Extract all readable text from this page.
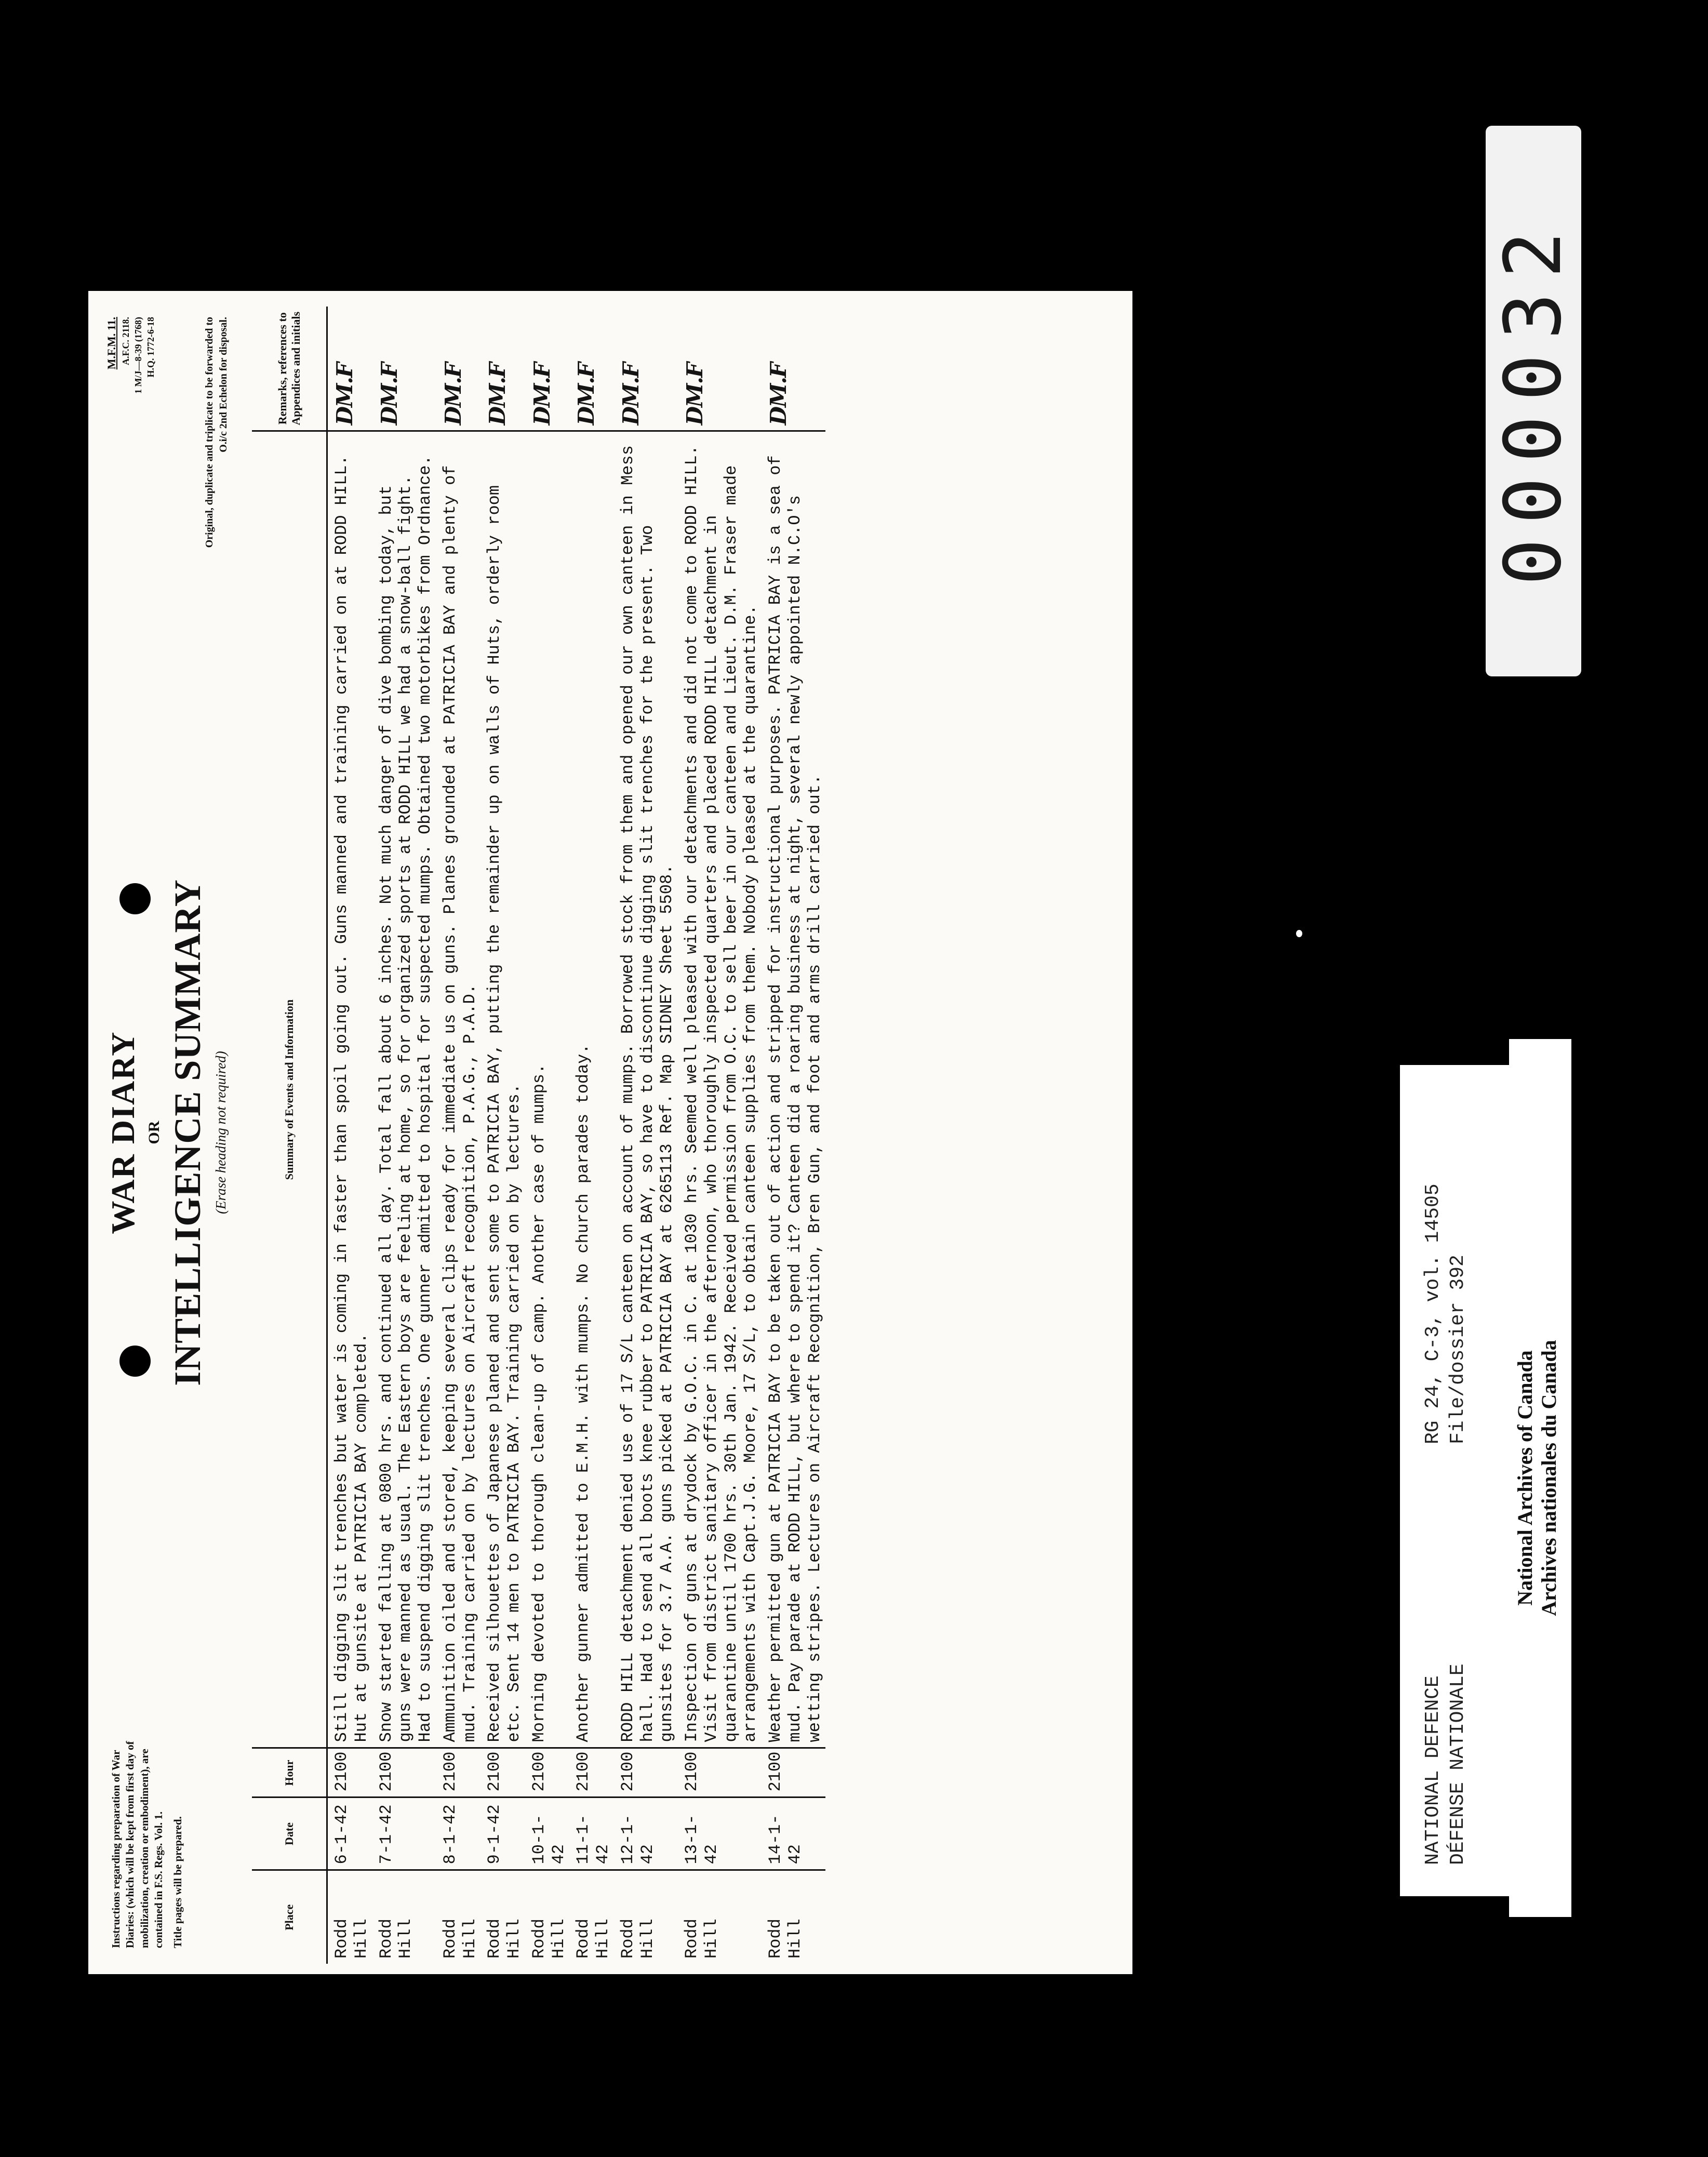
Instructions regarding preparation of War Diaries: (which will be kept from first day of mobilization, creation or embodiment), are contained in F.S. Regs. Vol. 1. Title pages will be prepared.

WAR DIARY OR INTELLIGENCE SUMMARY (Erase heading not required)
M.F.M. 11. A.F.C. 2118. 1 M/J—8-39 (1768) H.Q. 1772-6-18	Original, duplicate and triplicate to be forwarded to O.i/c 2nd Echelon for disposal.
Place	Date	Hour	Summary of Events and Information	Remarks, references to Appendices and initials
Rodd Hill	6-1-42	2100	Still digging slit trenches but water is coming in faster than spoil going out. Guns manned and training carried on at RODD HILL. Hut at gunsite at PATRICIA BAY completed.	DM.F
Rodd Hill	7-1-42	2100	Snow started falling at 0800 hrs. and continued all day. Total fall about 6 inches. Not much danger of dive bombing today, but guns were manned as usual. The Eastern boys are feeling at home, so for organized sports at RODD HILL we had a snow-ball fight. Had to suspend digging slit trenches. One gunner admitted to hospital for suspected mumps. Obtained two motorbikes from Ordnance.	DM.F
Rodd Hill	8-1-42	2100	Ammunition oiled and stored, keeping several clips ready for immediate us on guns. Planes grounded at PATRICIA BAY and plenty of mud. Training carried on by lectures on Aircraft recognition, P.A.G., P.A.D.	DM.F
Rodd Hill	9-1-42	2100	Received silhouettes of Japanese planed and sent some to PATRICIA BAY, putting the remainder up on walls of Huts, orderly room etc. Sent 14 men to PATRICIA BAY. Training carried on by lectures.	DM.F
Rodd Hill	10-1-42	2100	Morning devoted to thorough clean-up of camp. Another case of mumps.	DM.F
Rodd Hill	11-1-42	2100	Another gunner admitted to E.M.H. with mumps. No church parades today.	DM.F
Rodd Hill	12-1-42	2100	RODD HILL detachment denied use of 17 S/L canteen on account of mumps. Borrowed stock from them and opened our own canteen in Mess hall. Had to send all boots knee rubber to PATRICIA BAY, so have to discontinue digging slit trenches for the present. Two gunsites for 3.7 A.A. guns picked at PATRICIA BAY at 6265113 Ref. Map SIDNEY Sheet 5508.	DM.F
Rodd Hill	13-1-42	2100	Inspection of guns at drydock by G.O.C. in C. at 1030 hrs. Seemed well pleased with our detachments and did not come to RODD HILL. Visit from district sanitary officer in the afternoon, who thoroughly inspected quarters and placed RODD HILL detachment in quarantine until 1700 hrs. 30th Jan. 1942. Received permission from O.C. to sell beer in our canteen and Lieut. D.M. Fraser made arrangements with Capt.J.G. Moore, 17 S/L, to obtain canteen supplies from them. Nobody pleased at the quarantine.	DM.F
Rodd Hill	14-1-42	2100	Weather permitted gun at PATRICIA BAY to be taken out of action and stripped for instructional purposes. PATRICIA BAY is a sea of mud. Pay parade at RODD HILL, but where to spend it? Canteen did a roaring business at night, several newly appointed N.C.O's wetting stripes. Lectures on Aircraft Recognition, Bren Gun, and foot and arms drill carried out.	DM.F
NATIONAL DEFENCE DÉFENSE NATIONALE
RG 24, C-3, vol. 14505 File/dossier 392
National Archives of Canada Archives nationales du Canada
000032
